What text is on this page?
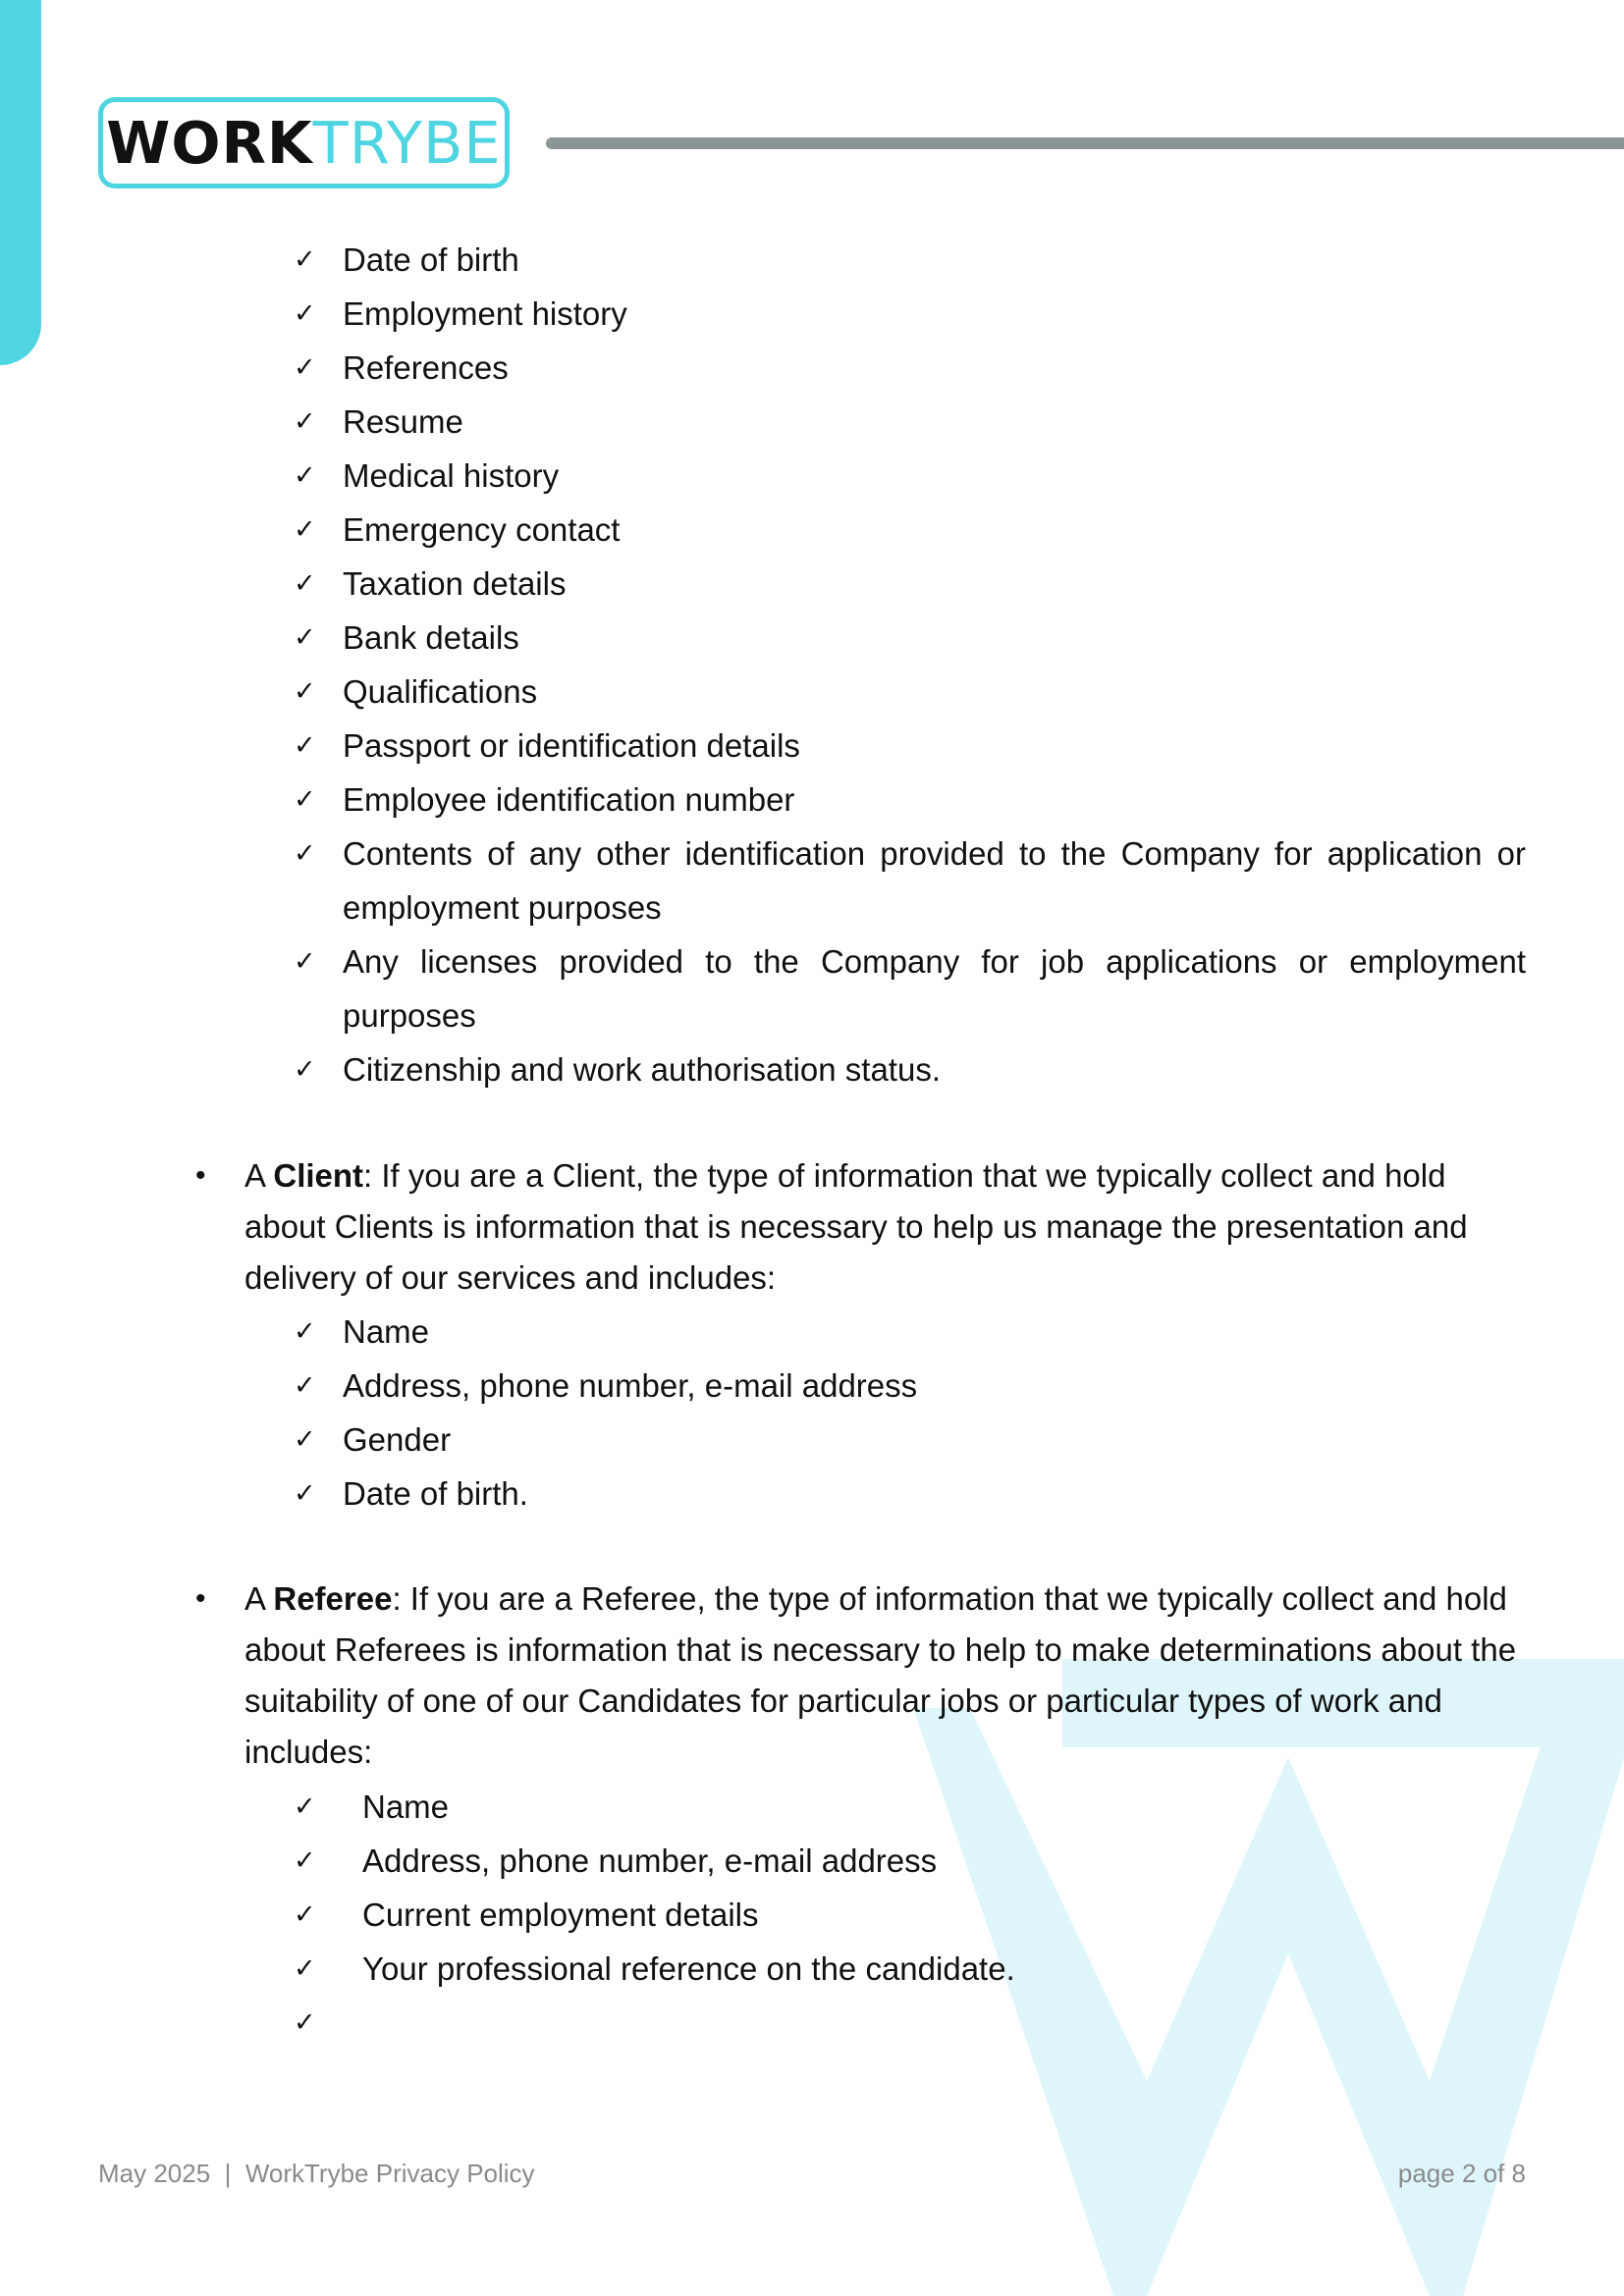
WORKTRYBE
✓ Date of birth
✓ Employment history
✓ References
✓ Resume
✓ Medical history
✓ Emergency contact
✓ Taxation details
✓ Bank details
✓ Qualifications
✓ Passport or identification details
✓ Employee identification number
✓ Contents of any other identification provided to the Company for application or employment purposes
✓ Any licenses provided to the Company for job applications or employment purposes
✓ Citizenship and work authorisation status.
• A Client: If you are a Client, the type of information that we typically collect and hold about Clients is information that is necessary to help us manage the presentation and delivery of our services and includes:
✓ Name
✓ Address, phone number, e-mail address
✓ Gender
✓ Date of birth.
• A Referee: If you are a Referee, the type of information that we typically collect and hold about Referees is information that is necessary to help to make determinations about the suitability of one of our Candidates for particular jobs or particular types of work and includes:
✓ Name
✓ Address, phone number, e-mail address
✓ Current employment details
✓ Your professional reference on the candidate.
✓
May 2025  |  WorkTrybe Privacy Policy	page 2 of 8
